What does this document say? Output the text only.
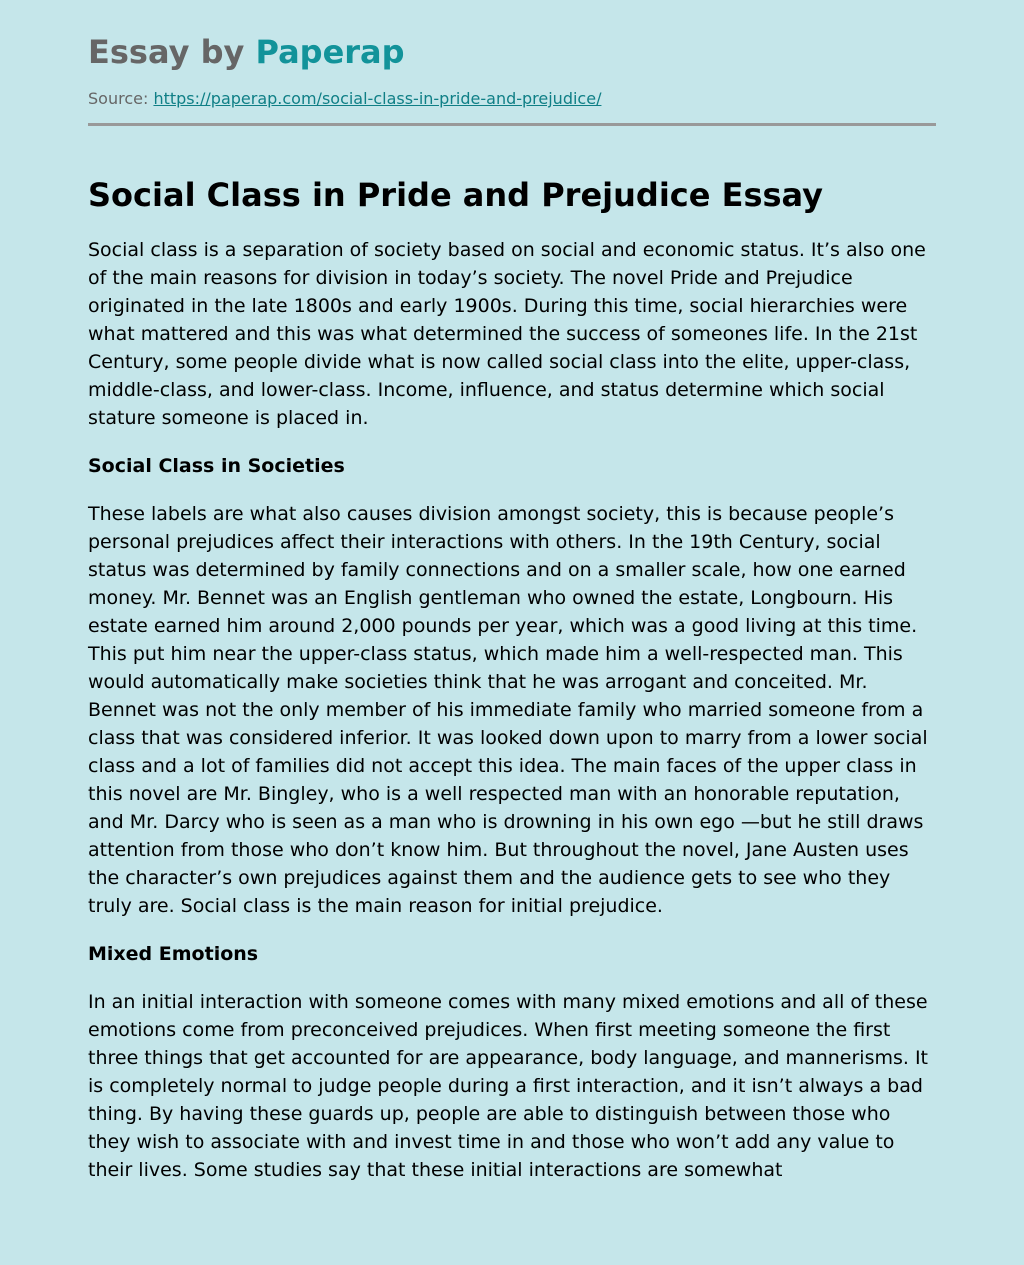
Essay by Paperap
Source: https://paperap.com/social-class-in-pride-and-prejudice/
Social Class in Pride and Prejudice Essay

Social class is a separation of society based on social and economic status. It’s also one of the main reasons for division in today’s society. The novel Pride and Prejudice originated in the late 1800s and early 1900s. During this time, social hierarchies were what mattered and this was what determined the success of someones life. In the 21st Century, some people divide what is now called social class into the elite, upper-class, middle-class, and lower-class. Income, influence, and status determine which social stature someone is placed in.

Social Class in Societies

These labels are what also causes division amongst society, this is because people’s personal prejudices affect their interactions with others. In the 19th Century, social status was determined by family connections and on a smaller scale, how one earned money. Mr. Bennet was an English gentleman who owned the estate, Longbourn. His estate earned him around 2,000 pounds per year, which was a good living at this time. This put him near the upper-class status, which made him a well-respected man. This would automatically make societies think that he was arrogant and conceited. Mr. Bennet was not the only member of his immediate family who married someone from a class that was considered inferior. It was looked down upon to marry from a lower social class and a lot of families did not accept this idea. The main faces of the upper class in this novel are Mr. Bingley, who is a well respected man with an honorable reputation, and Mr. Darcy who is seen as a man who is drowning in his own ego —but he still draws attention from those who don’t know him. But throughout the novel, Jane Austen uses the character’s own prejudices against them and the audience gets to see who they truly are. Social class is the main reason for initial prejudice.

Mixed Emotions

In an initial interaction with someone comes with many mixed emotions and all of these emotions come from preconceived prejudices. When first meeting someone the first three things that get accounted for are appearance, body language, and mannerisms. It is completely normal to judge people during a first interaction, and it isn’t always a bad thing. By having these guards up, people are able to distinguish between those who they wish to associate with and invest time in and those who won’t add any value to their lives. Some studies say that these initial interactions are somewhat
